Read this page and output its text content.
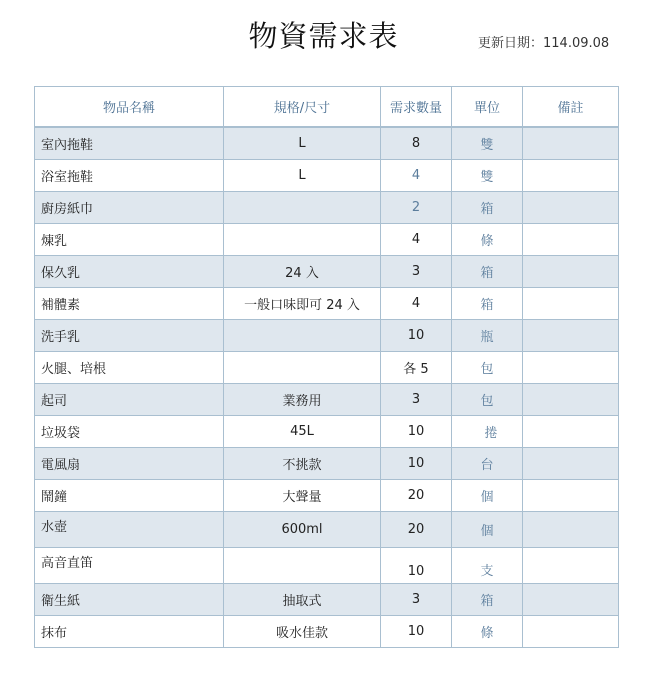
物資需求表	更新日期：114.09.08
物品名稱	規格/尺寸	需求數量	單位	備註
室內拖鞋	L	8	雙	
浴室拖鞋	L	4	雙	
廚房紙巾		2	箱	
煉乳		4	條	
保久乳	24 入	3	箱	
補體素	一般口味即可 24 入	4	箱	
洗手乳		10	瓶	
火腿、培根		各 5	包	
起司	業務用	3	包	
垃圾袋	45L	10	捲	
電風扇	不挑款	10	台	
鬧鐘	大聲量	20	個	
水壺	600ml	20	個	
高音直笛		10	支	
衛生紙	抽取式	3	箱	
抹布	吸水佳款	10	條	
